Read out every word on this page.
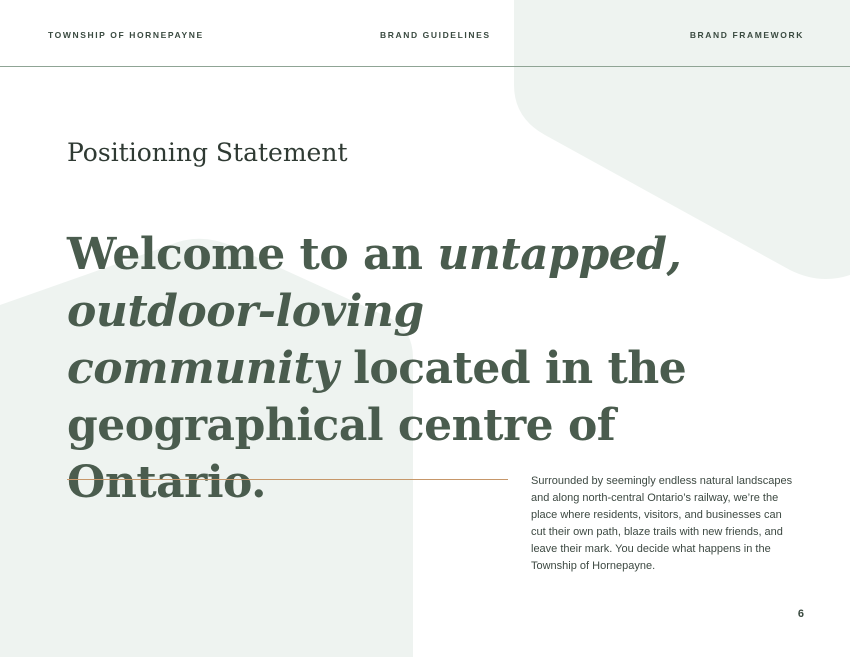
TOWNSHIP OF HORNEPAYNE	BRAND GUIDELINES	BRAND FRAMEWORK
Positioning Statement
Welcome to an untapped, outdoor-loving community located in the geographical centre of Ontario.	Surrounded by seemingly endless natural landscapes and along north-central Ontario’s railway, we’re the place where residents, visitors, and businesses can cut their own path, blaze trails with new friends, and leave their mark. You decide what happens in the Township of Hornepayne.

6
